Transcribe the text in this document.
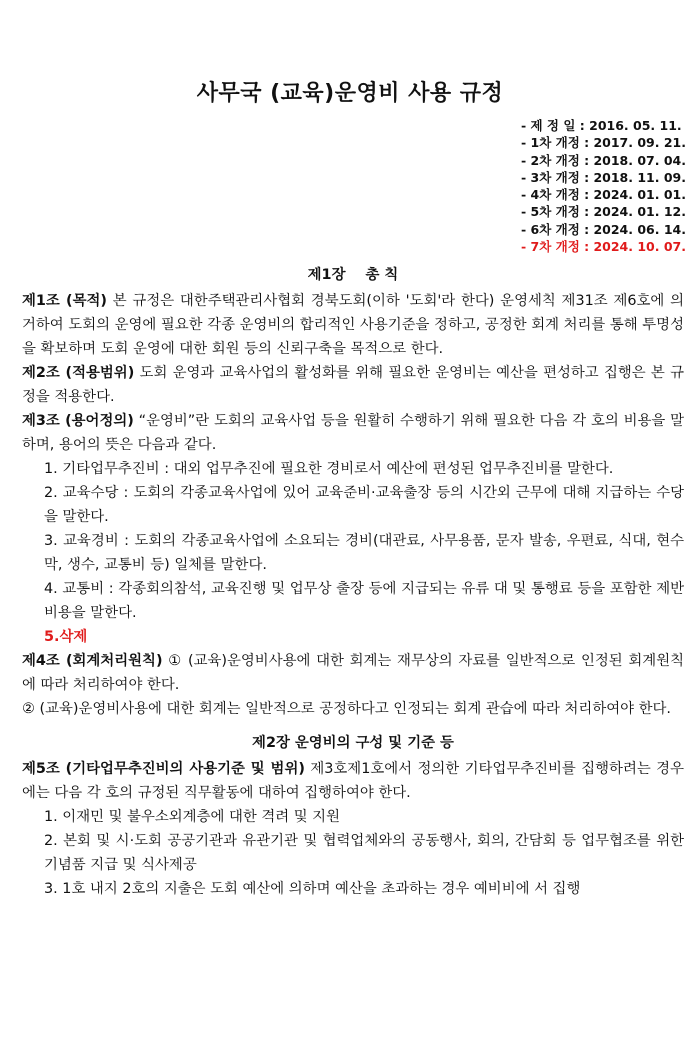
사무국 (교육)운영비 사용 규정
- 제 정 일 : 2016. 05. 11.
- 1차 개정 : 2017. 09. 21.
- 2차 개정 : 2018. 07. 04.
- 3차 개정 : 2018. 11. 09.
- 4차 개정 : 2024. 01. 01.
- 5차 개정 : 2024. 01. 12.
- 6차 개정 : 2024. 06. 14.
- 7차 개정 : 2024. 10. 07.
제1장    총 칙

제1조 (목적) 본 규정은 대한주택관리사협회 경북도회(이하 '도회'라 한다) 운영세칙 제31조 제6호에 의거하여 도회의 운영에 필요한 각종 운영비의 합리적인 사용기준을 정하고, 공정한 회계 처리를 통해 투명성을 확보하며 도회 운영에 대한 회원 등의 신뢰구축을 목적으로 한다.

제2조 (적용범위) 도회 운영과 교육사업의 활성화를 위해 필요한 운영비는 예산을 편성하고 집행은 본 규정을 적용한다.

제3조 (용어정의) “운영비”란 도회의 교육사업 등을 원활히 수행하기 위해 필요한 다음 각 호의 비용을 말하며, 용어의 뜻은 다음과 같다.

1. 기타업무추진비 : 대외 업무추진에 필요한 경비로서 예산에 편성된 업무추진비를 말한다.

2. 교육수당 : 도회의 각종교육사업에 있어 교육준비·교육출장 등의 시간외 근무에 대해 지급하는 수당을 말한다.

3. 교육경비 : 도회의 각종교육사업에 소요되는 경비(대관료, 사무용품, 문자 발송, 우편료, 식대, 현수막, 생수, 교통비 등) 일체를 말한다.

4. 교통비 : 각종회의참석, 교육진행 및 업무상 출장 등에 지급되는 유류 대 및 통행료 등을 포함한 제반비용을 말한다.

5.삭제

제4조 (회계처리원칙) ① (교육)운영비사용에 대한 회계는 재무상의 자료를 일반적으로 인정된 회계원칙에 따라 처리하여야 한다.

② (교육)운영비사용에 대한 회계는 일반적으로 공정하다고 인정되는 회계 관습에 따라 처리하여야 한다.

제2장 운영비의 구성 및 기준 등

제5조 (기타업무추진비의 사용기준 및 범위) 제3호제1호에서 정의한 기타업무추진비를 집행하려는 경우에는 다음 각 호의 규정된 직무활동에 대하여 집행하여야 한다.

1. 이재민 및 불우소외계층에 대한 격려 및 지원

2. 본회 및 시·도회 공공기관과 유관기관 및 협력업체와의 공동행사, 회의, 간담회 등 업무협조를 위한 기념품 지급 및 식사제공

3. 1호 내지 2호의 지출은 도회 예산에 의하며 예산을 초과하는 경우 예비비에 서 집행
